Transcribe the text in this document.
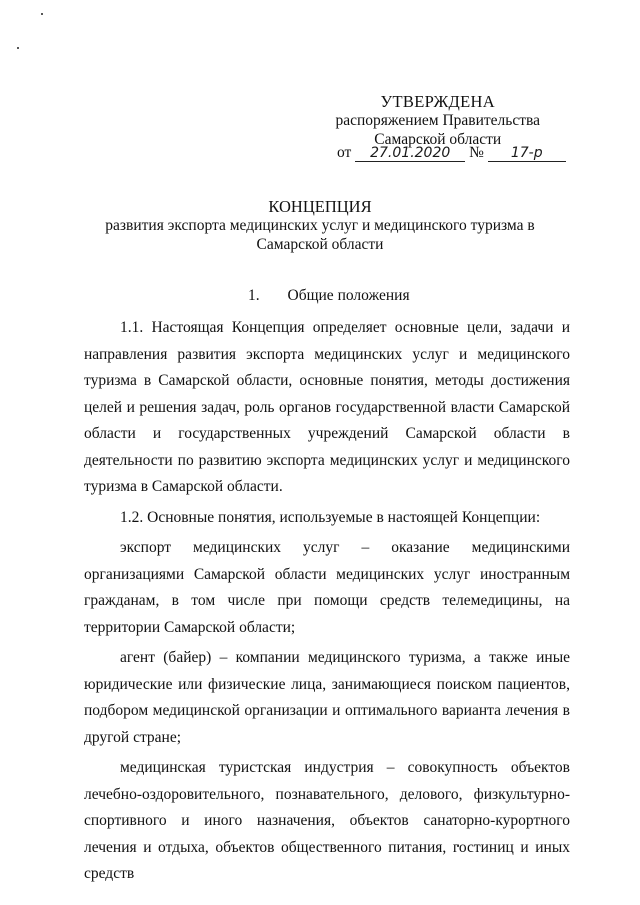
УТВЕРЖДЕНА
распоряжением Правительства
Самарской области
от 27.01.2020 № 17-р
КОНЦЕПЦИЯ
развития экспорта медицинских услуг и медицинского туризма в
Самарской области
1. Общие положения

1.1. Настоящая Концепция определяет основные цели, задачи и направления развития экспорта медицинских услуг и медицинского туризма в Самарской области, основные понятия, методы достижения целей и решения задач, роль органов государственной власти Самарской области и государственных учреждений Самарской области в деятельности по развитию экспорта медицинских услуг и медицинского туризма в Самарской области.

1.2. Основные понятия, используемые в настоящей Концепции:

экспорт медицинских услуг – оказание медицинскими

организациями Самарской области медицинских услуг иностранным гражданам, в том числе при помощи средств телемедицины, на территории Самарской области;

агент (байер) – компании медицинского туризма, а также иные юридические или физические лица, занимающиеся поиском пациентов, подбором медицинской организации и оптимального варианта лечения в другой стране;

медицинская туристская индустрия – совокупность объектов лечебно-оздоровительного, познавательного, делового, физкультурно-спортивного и иного назначения, объектов санаторно-курортного лечения и отдыха, объектов общественного питания, гостиниц и иных средств
